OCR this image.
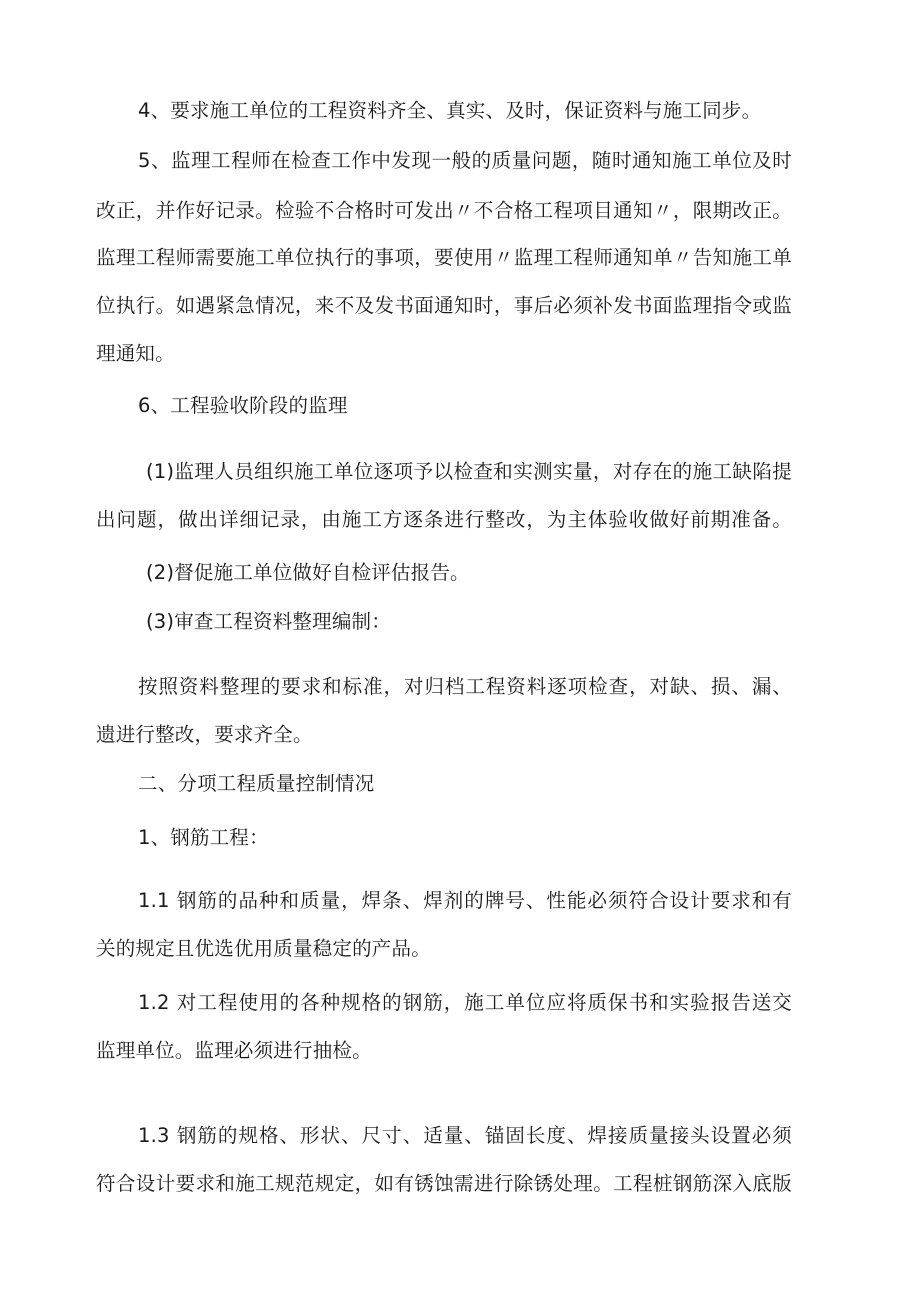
4、要求施工单位的工程资料齐全、真实、及时，保证资料与施工同步。
5、监理工程师在检查工作中发现一般的质量问题，随时通知施工单位及时
改正，并作好记录。检验不合格时可发出〃不合格工程项目通知〃，限期改正。
监理工程师需要施工单位执行的事项，要使用〃监理工程师通知单〃告知施工单
位执行。如遇紧急情况，来不及发书面通知时，事后必须补发书面监理指令或监
理通知。
6、工程验收阶段的监理
(1)监理人员组织施工单位逐项予以检查和实测实量，对存在的施工缺陷提
出问题，做出详细记录，由施工方逐条进行整改，为主体验收做好前期准备。
(2)督促施工单位做好自检评估报告。
(3)审查工程资料整理编制：
按照资料整理的要求和标准，对归档工程资料逐项检查，对缺、损、漏、
遗进行整改，要求齐全。
二、分项工程质量控制情况
1、钢筋工程：
1.1 钢筋的品种和质量，焊条、焊剂的牌号、性能必须符合设计要求和有
关的规定且优选优用质量稳定的产品。
1.2 对工程使用的各种规格的钢筋，施工单位应将质保书和实验报告送交
监理单位。监理必须进行抽检。
1.3 钢筋的规格、形状、尺寸、适量、锚固长度、焊接质量接头设置必须
符合设计要求和施工规范规定，如有锈蚀需进行除锈处理。工程桩钢筋深入底版
